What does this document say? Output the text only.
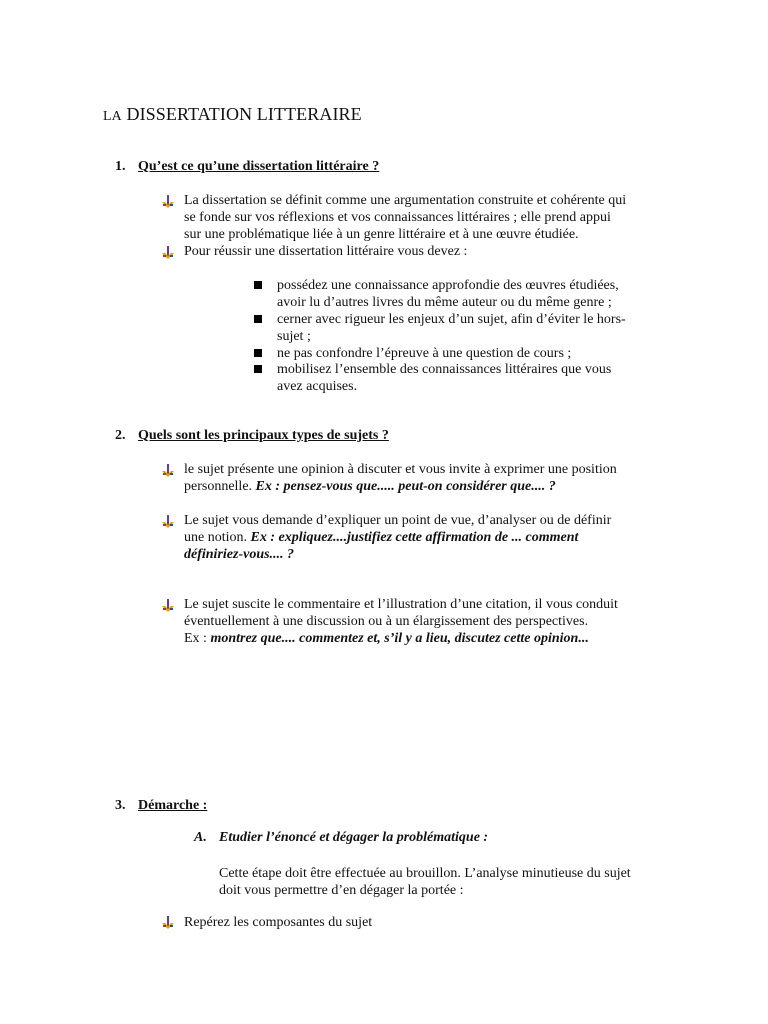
LA DISSERTATION LITTERAIRE
1. Qu’est ce qu’une dissertation littéraire ?
La dissertation se définit comme une argumentation construite et cohérente qui
se fonde sur vos réflexions et vos connaissances littéraires ; elle prend appui
sur une problématique liée à un genre littéraire et à une œuvre étudiée.
Pour réussir une dissertation littéraire vous devez :
possédez une connaissance approfondie des œuvres étudiées,
avoir lu d’autres livres du même auteur ou du même genre ;
cerner avec rigueur les enjeux d’un sujet, afin d’éviter le hors-
sujet ;
ne pas confondre l’épreuve à une question de cours ;
mobilisez l’ensemble des connaissances littéraires que vous
avez acquises.
2. Quels sont les principaux types de sujets ?
le sujet présente une opinion à discuter et vous invite à exprimer une position
personnelle. Ex : pensez-vous que..... peut-on considérer que.... ?
Le sujet vous demande d’expliquer un point de vue, d’analyser ou de définir
une notion. Ex : expliquez....justifiez cette affirmation de ... comment
définiriez-vous.... ?
Le sujet suscite le commentaire et l’illustration d’une citation, il vous conduit
éventuellement à une discussion ou à un élargissement des perspectives.
Ex : montrez que.... commentez et, s’il y a lieu, discutez cette opinion...
3. Démarche :
A. Etudier l’énoncé et dégager la problématique :
Cette étape doit être effectuée au brouillon. L’analyse minutieuse du sujet
doit vous permettre d’en dégager la portée :
Repérez les composantes du sujet
